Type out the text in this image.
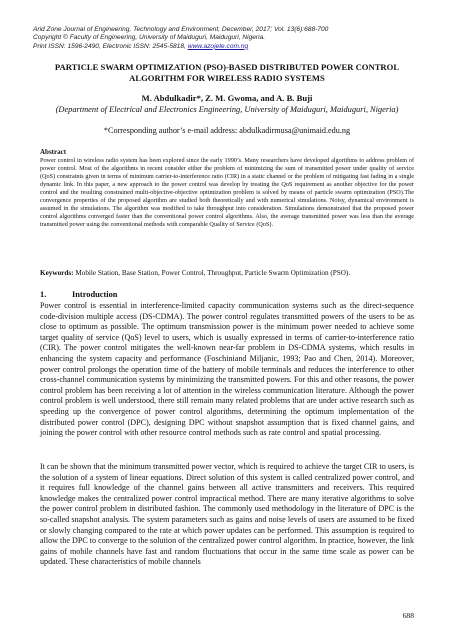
Arid Zone Journal of Engineering, Technology and Environment, December, 2017; Vol. 13(6):688-700
Copyright © Faculty of Engineering, University of Maiduguri, Maiduguri, Nigeria.
Print ISSN: 1596-2490, Electronic ISSN: 2545-5818, www.azojete.com.ng
PARTICLE SWARM OPTIMIZATION (PSO)-BASED DISTRIBUTED POWER CONTROL ALGORITHM FOR WIRELESS RADIO SYSTEMS
M. Abdulkadir*, Z. M. Gwoma, and A. B. Buji
(Department of Electrical and Electronics Engineering, University of Maiduguri, Maiduguri, Nigeria)
*Corresponding author’s e-mail address: abdulkadirmusa@unimaid.edu.ng
Abstract
Power control in wireless radio system has been explored since the early 1990’s. Many researchers have developed algorithms to address problem of power control. Most of the algorithms in recent consider either the problem of minimizing the sum of transmitted power under quality of service (QoS) constraints given in terms of minimum carrier-to-interference ratio (CIR) in a static channel or the problem of mitigating fast fading in a single dynamic link. In this paper, a new approach to the power control was develop by treating the QoS requirement as another objective for the power control and the resulting constrained multi-objective-objective optimization problem is solved by means of particle swarm optimization (PSO).The convergence properties of the proposed algorithm are studied both theoretically and with numerical simulations. Noisy, dynamical environment is assumed in the simulations. The algorithm was modified to take throughput into consideration. Simulations demonstrated that the proposed power control algorithms converged faster than the conventional power control algorithms. Also, the average transmitted power was less than the average transmitted power using the conventional methods with comparable Quality of Service (QoS).
Keywords: Mobile Station, Base Station, Power Control, Throughput, Particle Swarm Optimization (PSO).
1.	Introduction
Power control is essential in interference-limited capacity communication systems such as the direct-sequence code-division multiple access (DS-CDMA). The power control regulates transmitted powers of the users to be as close to optimum as possible. The optimum transmission power is the minimum power needed to achieve some target quality of service (QoS) level to users, which is usually expressed in terms of carrier-to-interference ratio (CIR). The power control mitigates the well-known near-far problem in DS-CDMA systems, which results in enhancing the system capacity and performance (Foschiniand Miljanic, 1993; Pao and Chen, 2014). Moreover, power control prolongs the operation time of the battery of mobile terminals and reduces the interference to other cross-channel communication systems by minimizing the transmitted powers. For this and other reasons, the power control problem has been receiving a lot of attention in the wireless communication literature. Although the power control problem is well understood, there still remain many related problems that are under active research such as speeding up the convergence of power control algorithms, determining the optimum implementation of the distributed power control (DPC), designing DPC without snapshot assumption that is fixed channel gains, and joining the power control with other resource control methods such as rate control and spatial processing.
It can be shown that the minimum transmitted power vector, which is required to achieve the target CIR to users, is the solution of a system of linear equations. Direct solution of this system is called centralized power control, and it requires full knowledge of the channel gains between all active transmitters and receivers. This required knowledge makes the centralized power control impractical method. There are many iterative algorithms to solve the power control problem in distributed fashion. The commonly used methodology in the literature of DPC is the so-called snapshot analysis. The system parameters such as gains and noise levels of users are assumed to be fixed or slowly changing compared to the rate at which power updates can be performed. This assumption is required to allow the DPC to converge to the solution of the centralized power control algorithm. In practice, however, the link gains of mobile channels have fast and random fluctuations that occur in the same time scale as power can be updated. These characteristics of mobile channels
688
